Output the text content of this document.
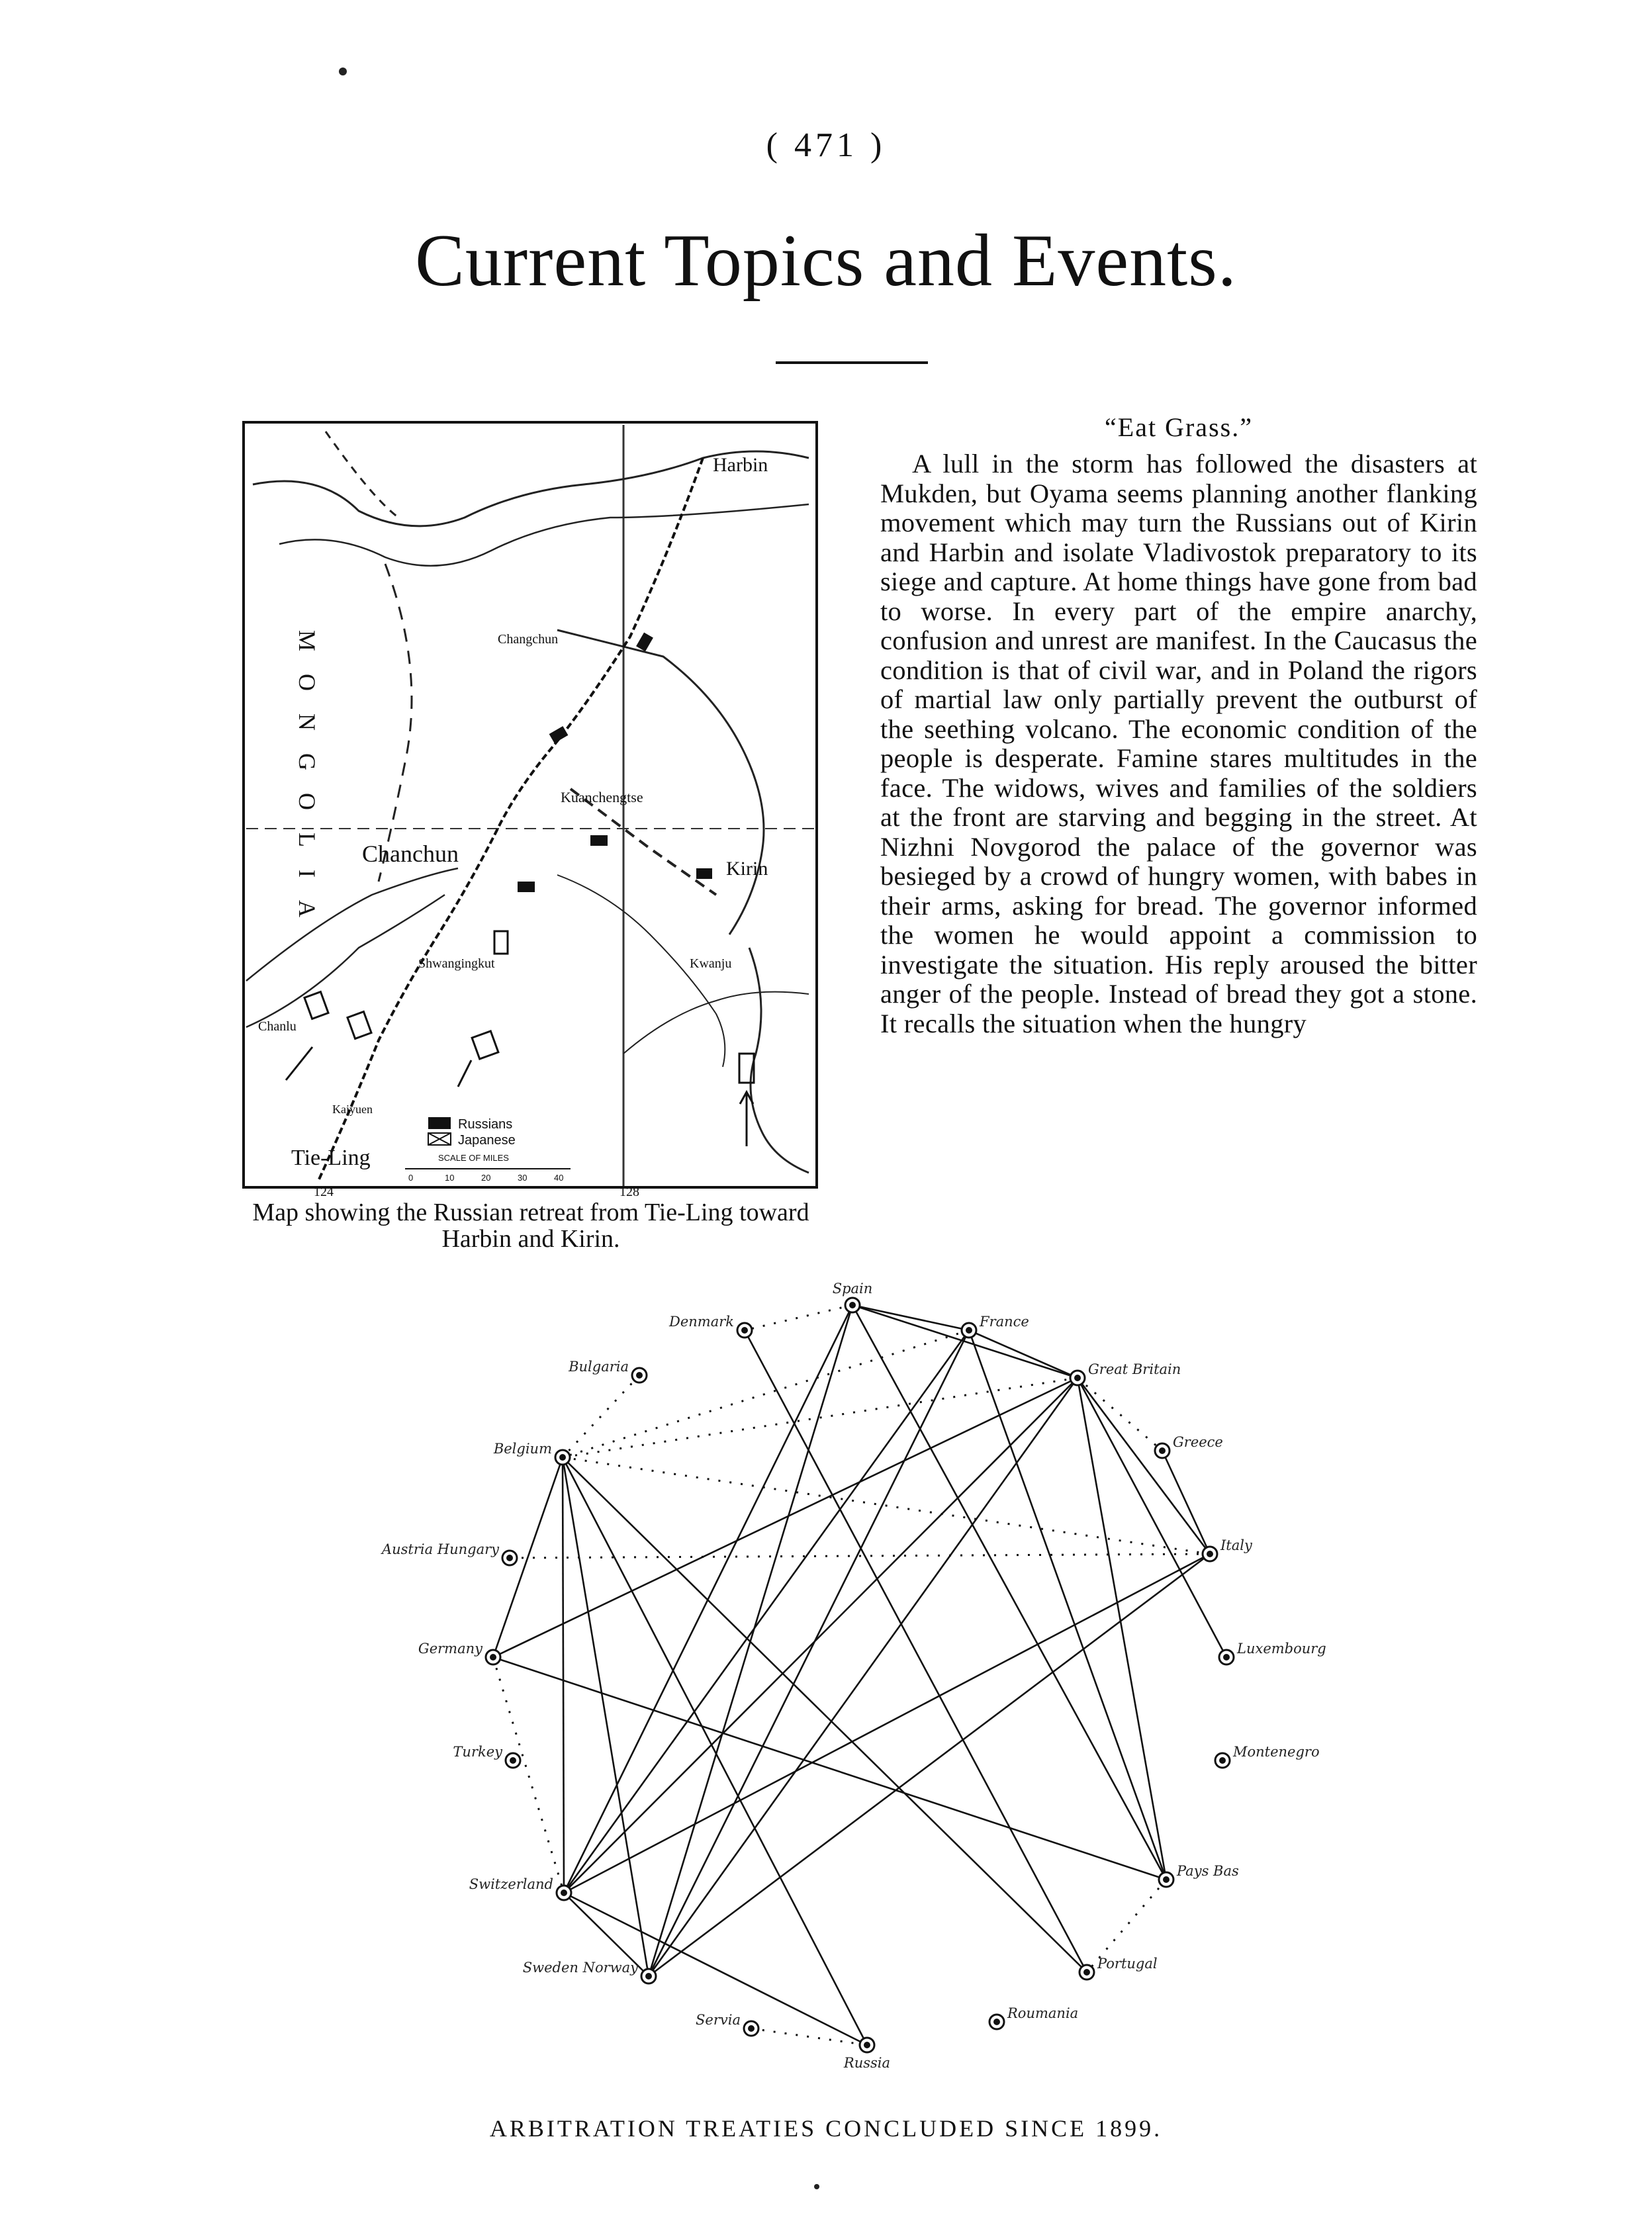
( 471 )
Current Topics and Events.
Harbin
Kirin
Chanchun
Tie-Ling
Kuanchengtse
Shwangingkut	Kwanju
Chanlu
Changchun
Kaiyuen
124	128
MONGOLIA
Russians
Japanese
SCALE OF MILES
0	10	20	30	40
Map showing the Russian retreat from Tie-Ling toward Harbin and Kirin.
“Eat Grass.”

A lull in the storm has followed the disasters at Mukden, but Oyama seems planning another flanking movement which may turn the Russians out of Kirin and Harbin and isolate Vladivostok preparatory to its siege and capture. At home things have gone from bad to worse. In every part of the empire anarchy, confusion and unrest are manifest. In the Caucasus the condition is that of civil war, and in Poland the rigors of martial law only partially prevent the outburst of the seething volcano. The economic condition of the people is desperate. Famine stares multitudes in the face. The widows, wives and families of the soldiers at the front are starving and begging in the street. At Nizhni Novgorod the palace of the governor was besieged by a crowd of hungry women, with babes in their arms, asking for bread. The governor informed the women he would appoint a commission to investigate the situation. His reply aroused the bitter anger of the people. Instead of bread they got a stone. It recalls the situation when the hungry

Spain
France
Great Britain
Denmark
Bulgaria
Belgium	Greece
Austria Hungary	Italy
Germany	Luxembourg
Turkey	Montenegro
Switzerland
Pays Bas
Sweden Norway	Portugal
Servia
Russia
Roumania
ARBITRATION TREATIES CONCLUDED SINCE 1899.
